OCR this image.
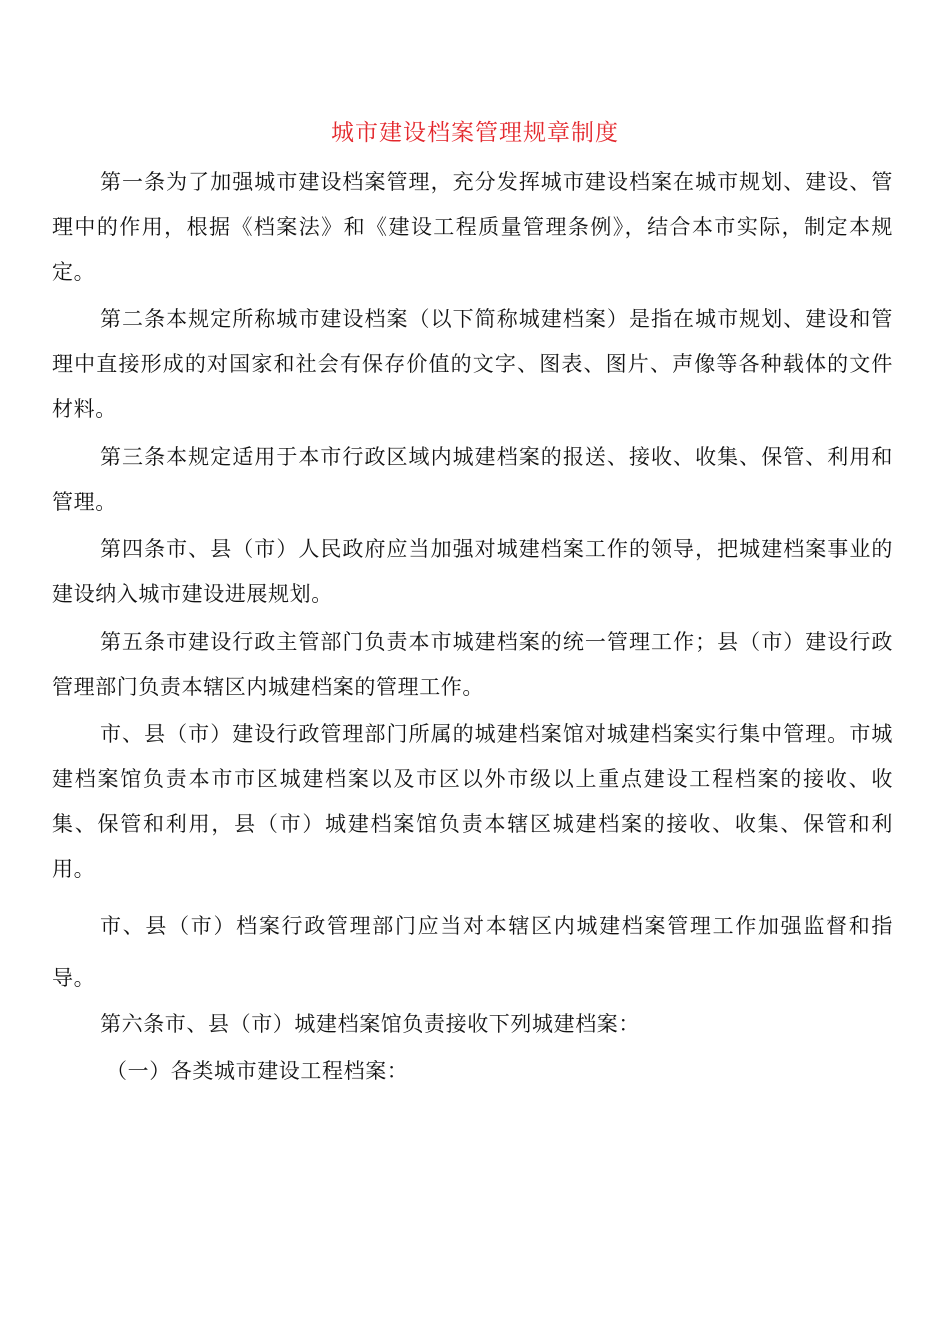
城市建设档案管理规章制度

第一条为了加强城市建设档案管理，充分发挥城市建设档案在城市规划、建设、管理中的作用，根据《档案法》和《建设工程质量管理条例》，结合本市实际，制定本规定。

第二条本规定所称城市建设档案（以下简称城建档案）是指在城市规划、建设和管理中直接形成的对国家和社会有保存价值的文字、图表、图片、声像等各种载体的文件材料。

第三条本规定适用于本市行政区域内城建档案的报送、接收、收集、保管、利用和管理。

第四条市、县（市）人民政府应当加强对城建档案工作的领导，把城建档案事业的建设纳入城市建设进展规划。

第五条市建设行政主管部门负责本市城建档案的统一管理工作；县（市）建设行政管理部门负责本辖区内城建档案的管理工作。

市、县（市）建设行政管理部门所属的城建档案馆对城建档案实行集中管理。市城建档案馆负责本市市区城建档案以及市区以外市级以上重点建设工程档案的接收、收集、保管和利用，县（市）城建档案馆负责本辖区城建档案的接收、收集、保管和利用。

市、县（市）档案行政管理部门应当对本辖区内城建档案管理工作加强监督和指导。

第六条市、县（市）城建档案馆负责接收下列城建档案：

（一）各类城市建设工程档案：
